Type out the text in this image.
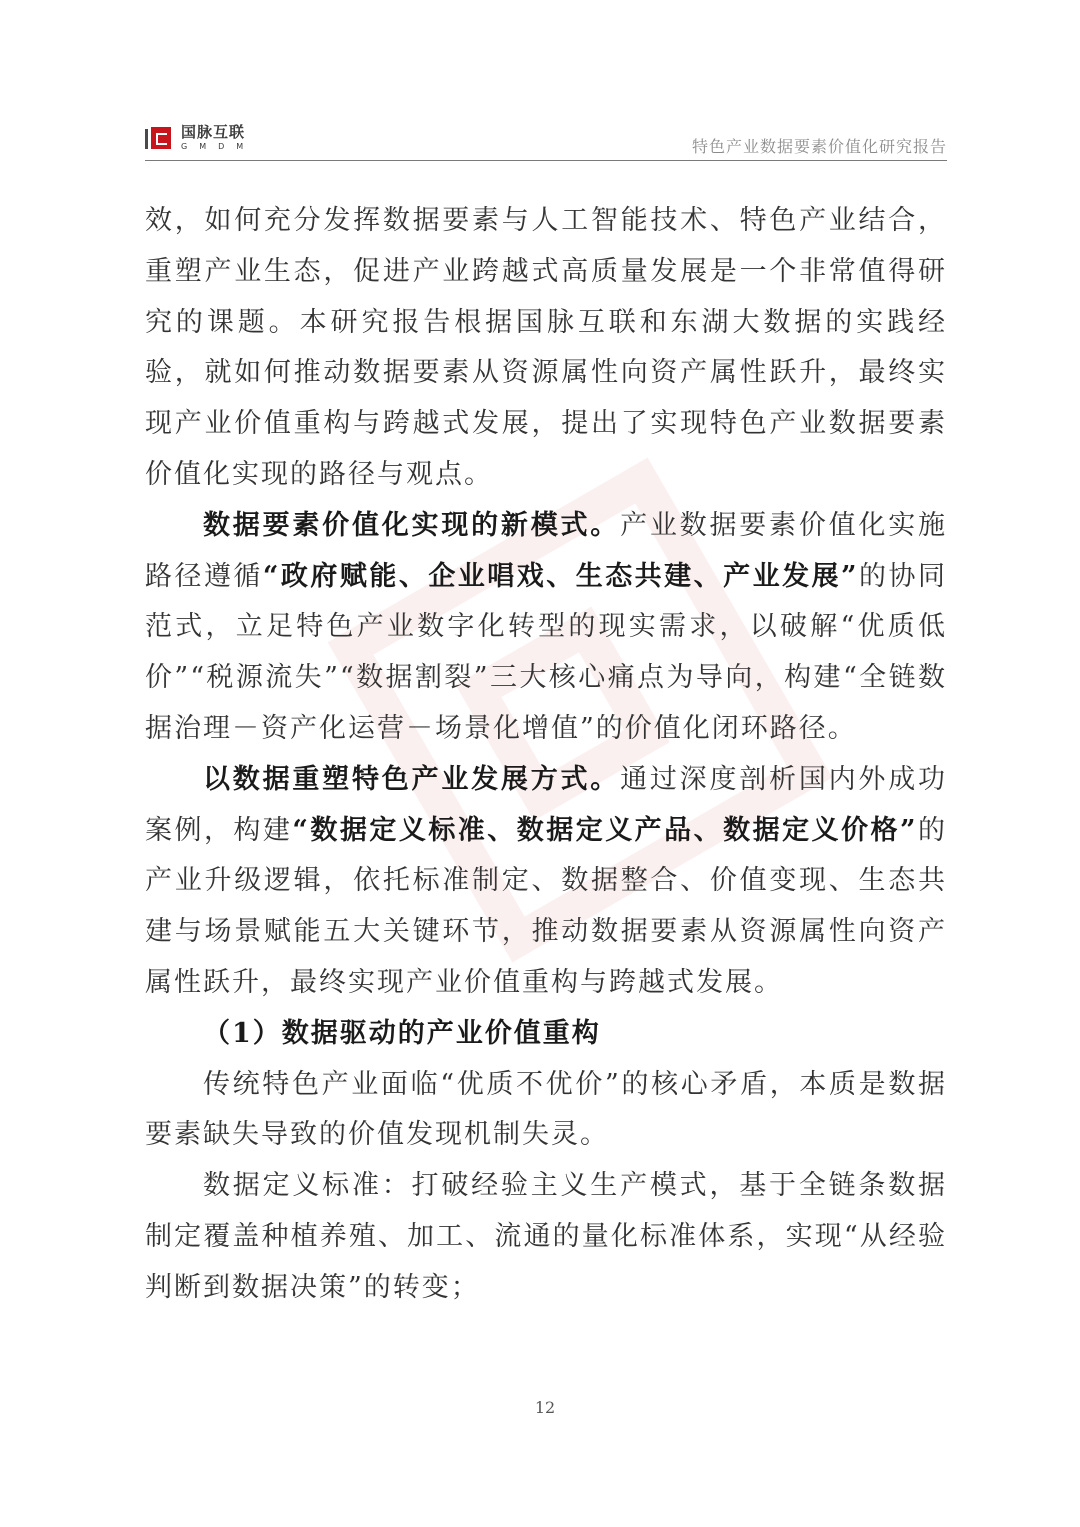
国脉互联
GMDM	特色产业数据要素价值化研究报告

效，如何充分发挥数据要素与人工智能技术、特色产业结合，重塑产业生态，促进产业跨越式高质量发展是一个非常值得研究的课题。本研究报告根据国脉互联和东湖大数据的实践经验，就如何推动数据要素从资源属性向资产属性跃升，最终实现产业价值重构与跨越式发展，提出了实现特色产业数据要素价值化实现的路径与观点。

数据要素价值化实现的新模式。产业数据要素价值化实施路径遵循“政府赋能、企业唱戏、生态共建、产业发展”的协同范式，立足特色产业数字化转型的现实需求，以破解“优质低价”“税源流失”“数据割裂”三大核心痛点为导向，构建“全链数据治理－资产化运营－场景化增值”的价值化闭环路径。

以数据重塑特色产业发展方式。通过深度剖析国内外成功案例，构建“数据定义标准、数据定义产品、数据定义价格”的产业升级逻辑，依托标准制定、数据整合、价值变现、生态共建与场景赋能五大关键环节，推动数据要素从资源属性向资产属性跃升，最终实现产业价值重构与跨越式发展。

（1）数据驱动的产业价值重构

传统特色产业面临“优质不优价”的核心矛盾，本质是数据要素缺失导致的价值发现机制失灵。

数据定义标准：打破经验主义生产模式，基于全链条数据制定覆盖种植养殖、加工、流通的量化标准体系，实现“从经验判断到数据决策”的转变；

12
